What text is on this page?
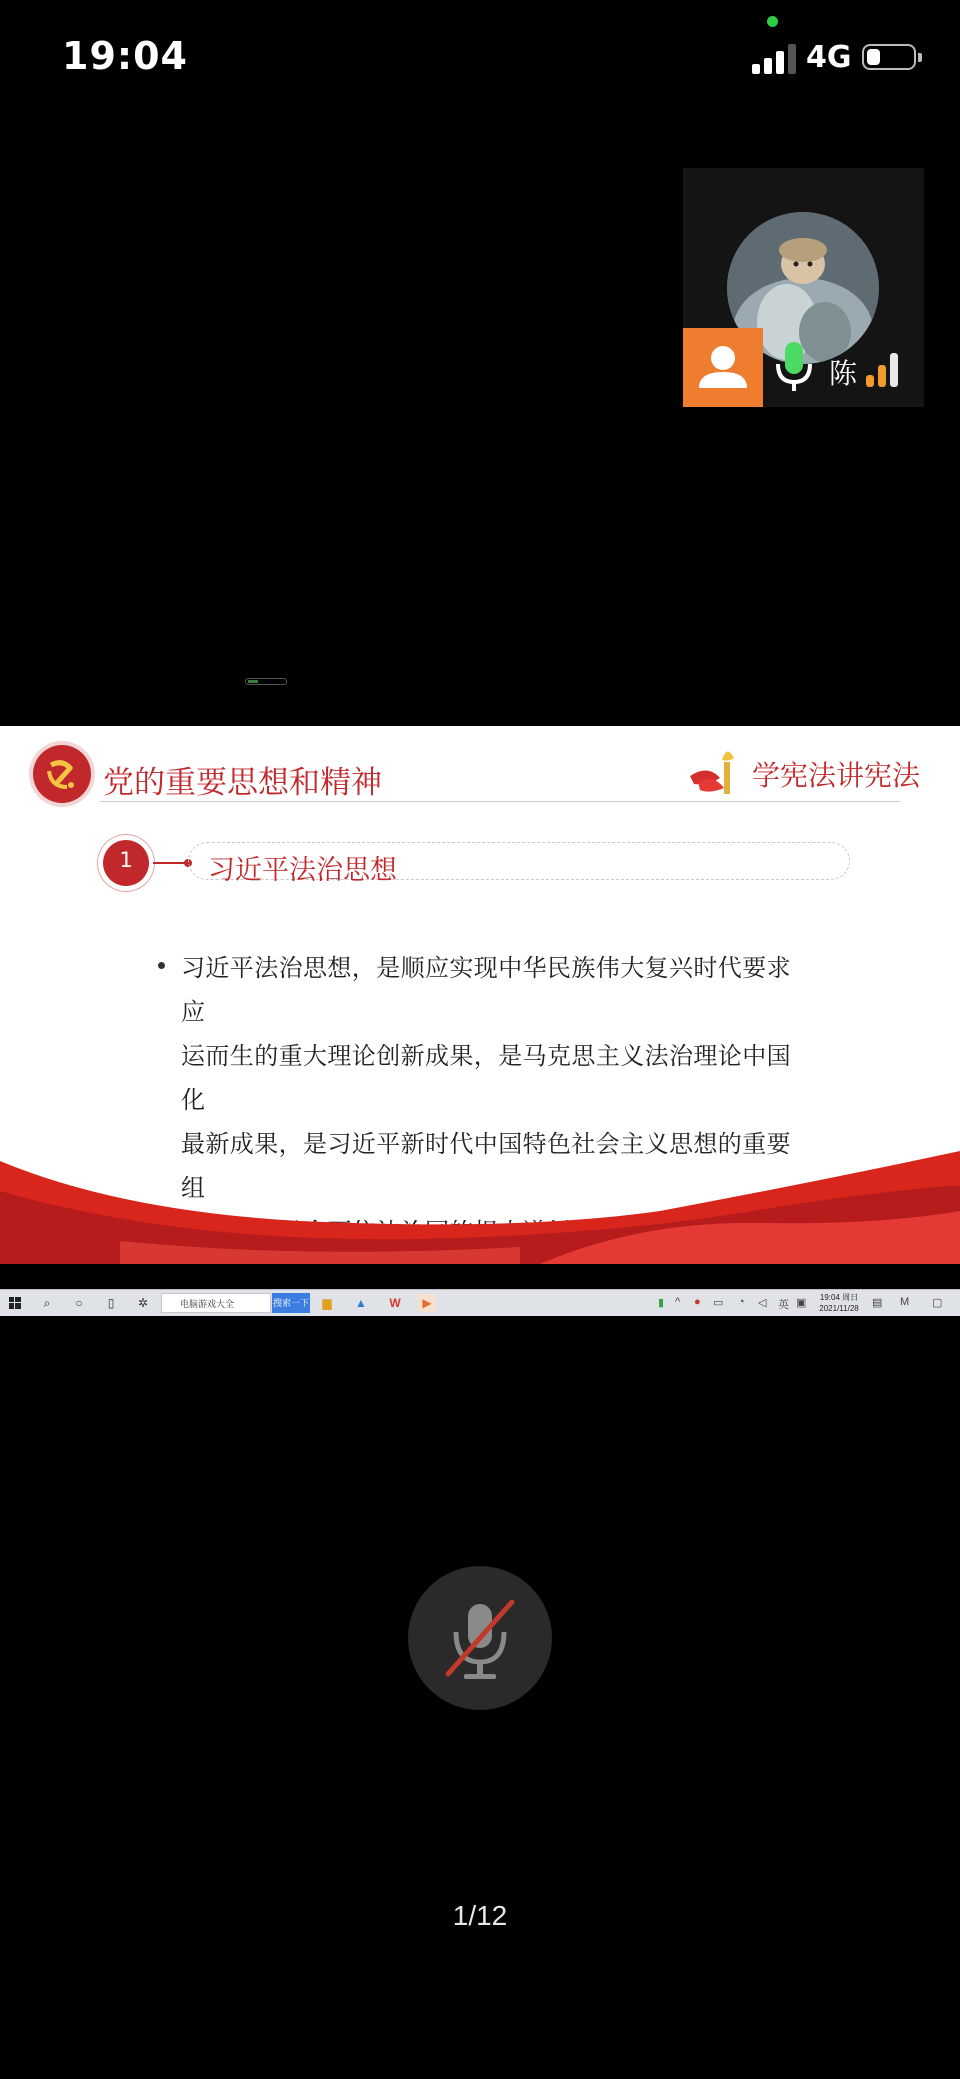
19:04	4G
陈
党的重要思想和精神	学宪法讲宪法
1	习近平法治思想
习近平法治思想，是顺应实现中华民族伟大复兴时代要求应
运而生的重大理论创新成果，是马克思主义法治理论中国化
最新成果，是习近平新时代中国特色社会主义思想的重要组
⌕	○	▯	✲	电脑游戏大全	搜索一下	▆	▲ W	▶	▮ ^ ● ▭ ◔ ◁ 英 ▣	19:04 周日
2021/11/28	▤ M ▢
1/12
